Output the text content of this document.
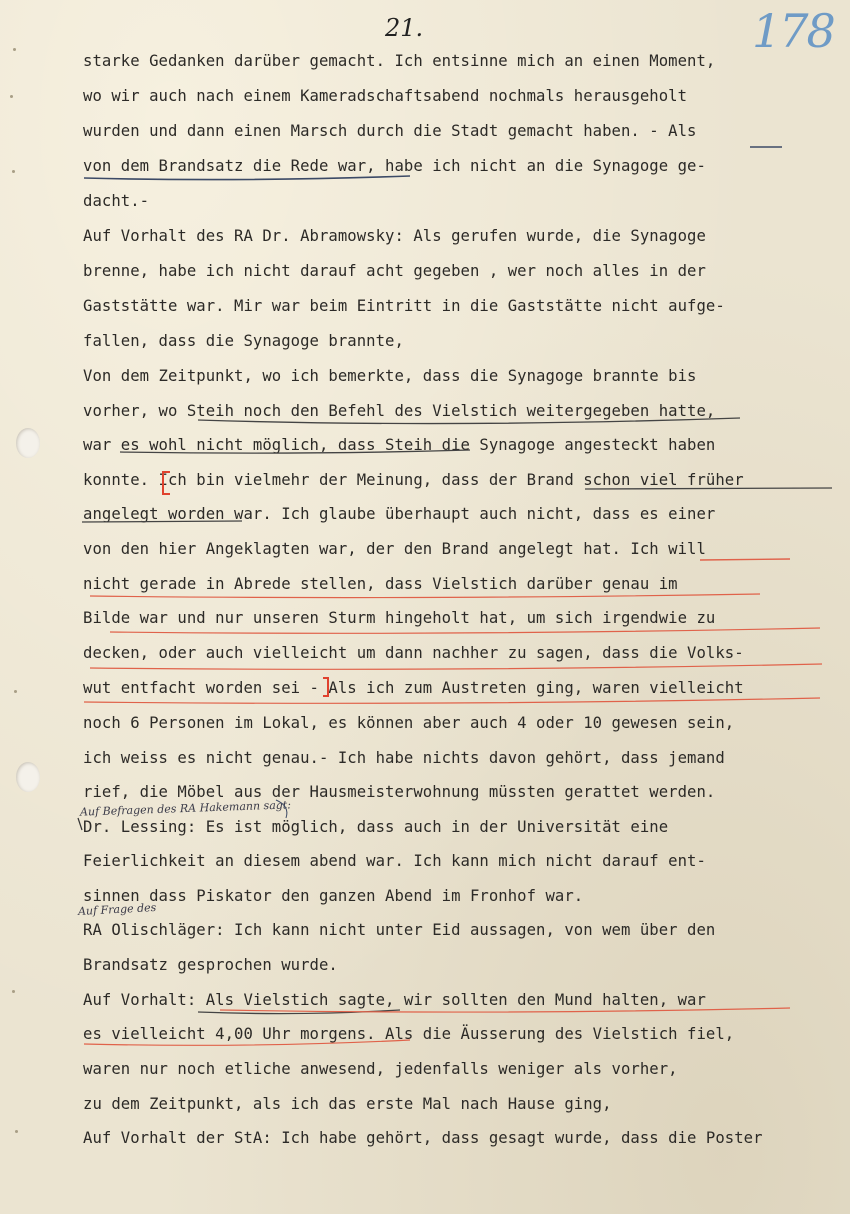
21.	178
starke Gedanken darüber gemacht. Ich entsinne mich an einen Moment,
wo wir auch nach einem Kameradschaftsabend nochmals herausgeholt
wurden und dann einen Marsch durch die Stadt gemacht haben. - Als
von dem Brandsatz die Rede war, habe ich nicht an die Synagoge ge-
dacht.-
Auf Vorhalt des RA Dr. Abramowsky: Als gerufen wurde, die Synagoge
brenne, habe ich nicht darauf acht gegeben , wer noch alles in der
Gaststätte war. Mir war beim Eintritt in die Gaststätte nicht aufge-
fallen, dass die Synagoge brannte,
Von dem Zeitpunkt, wo ich bemerkte, dass die Synagoge brannte bis
vorher, wo Steih noch den Befehl des Vielstich weitergegeben hatte,
war es wohl nicht möglich, dass Steih die Synagoge angesteckt haben
konnte. Ich bin vielmehr der Meinung, dass der Brand schon viel früher
angelegt worden war. Ich glaube überhaupt auch nicht, dass es einer
von den hier Angeklagten war, der den Brand angelegt hat. Ich will
nicht gerade in Abrede stellen, dass Vielstich darüber genau im
Bilde war und nur unseren Sturm hingeholt hat, um sich irgendwie zu
decken, oder auch vielleicht um dann nachher zu sagen, dass die Volks-
wut entfacht worden sei - Als ich zum Austreten ging, waren vielleicht
noch 6 Personen im Lokal, es können aber auch 4 oder 10 gewesen sein,
ich weiss es nicht genau.- Ich habe nichts davon gehört, dass jemand
rief, die Möbel aus der Hausmeisterwohnung müssten gerattet werden.
Dr. Lessing: Es ist möglich, dass auch in der Universität eine
Feierlichkeit an diesem abend war. Ich kann mich nicht darauf ent-
sinnen dass Piskator den ganzen Abend im Fronhof war.
RA Olischläger: Ich kann nicht unter Eid aussagen, von wem über den
Brandsatz gesprochen wurde.
Auf Vorhalt: Als Vielstich sagte, wir sollten den Mund halten, war
es vielleicht 4,00 Uhr morgens. Als die Äusserung des Vielstich fiel,
waren nur noch etliche anwesend, jedenfalls weniger als vorher,
zu dem Zeitpunkt, als ich das erste Mal nach Hause ging,
Auf Vorhalt der StA: Ich habe gehört, dass gesagt wurde, dass die Poster
Auf Befragen des RA Hakemann sagt:
Auf Frage des
